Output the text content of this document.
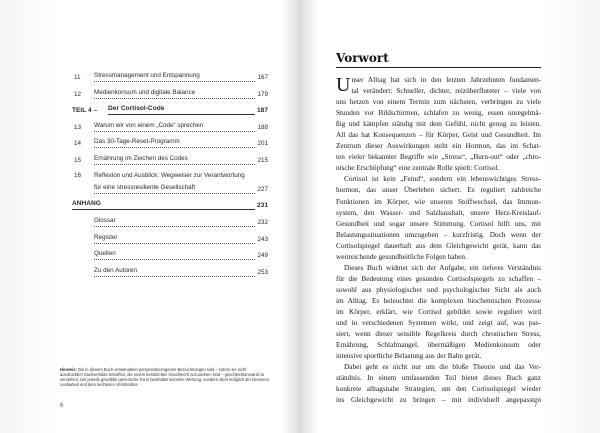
11	Stressmanagement und Entspannung	167
12	Medienkonsum und digitale Balance	179
TEIL 4 –	Der Cortisol-Code	187
13	Warum wir von einem „Code“ sprechen	188
14	Das 30-Tage-Reset-Programm	201
15	Ernährung im Zeichen des Codes	215
16	Reflexion und Ausblick: Wegweiser zur Verantwortung
für eine stressresiliente Gesellschaft	227
ANHANG	231
Glossar	232
Register	243
Quellen	249
Zu den Autoren	253
Hinweis: Die in diesem Buch verwendeten personenbezogenen Bezeichnungen sind – sofern sie nicht ausdrücklich Sachverhalte betreffen, die einem bestimmten Geschlecht zuzuordnen sind – geschlechtsneutral zu verstehen. Die jeweils gewählte generische Form beinhaltet keinerlei Wertung, sondern dient lediglich der besseren Lesbarkeit und dem leichteren Verständnis.
6
Vorwort
U nser Alltag hat sich in den letzten Jahrzehnten fundamen-
tal verändert: Schneller, dichter, reizüberfluteter – viele von
uns hetzen von einem Termin zum nächsten, verbringen zu viele
Stunden vor Bildschirmen, schlafen zu wenig, essen unregelmä-
ßig und kämpfen ständig mit dem Gefühl, nicht genug zu leisten.
All das hat Konsequenzen – für Körper, Geist und Gesundheit. Im
Zentrum dieser Auswirkungen steht ein Hormon, das im Schat-
ten vieler bekannter Begriffe wie „Stress“, „Burn-out“ oder „chro-
nische Erschöpfung“ eine zentrale Rolle spielt: Cortisol.
Cortisol ist kein „Feind“, sondern ein lebenswichtiges Stress-
hormon, das unser Überleben sichert. Es reguliert zahlreiche
Funktionen im Körper, wie unseren Stoffwechsel, das Immun-
system, den Wasser- und Salzhaushalt, unsere Herz-Kreislauf-
Gesundheit und sogar unsere Stimmung. Cortisol hilft uns, mit
Belastungssituationen umzugehen – kurzfristig. Doch wenn der
Cortisolspiegel dauerhaft aus dem Gleichgewicht gerät, kann das
weitreichende gesundheitliche Folgen haben.
Dieses Buch widmet sich der Aufgabe, ein tieferes Verständnis
für die Bedeutung eines gesunden Cortisolspiegels zu schaffen –
sowohl aus physiologischer und psychologischer Sicht als auch
im Alltag. Es beleuchtet die komplexen biochemischen Prozesse
im Körper, erklärt, wie Cortisol gebildet sowie reguliert wird
und in verschiedenen Systemen wirkt, und zeigt auf, was pas-
siert, wenn dieser sensible Regelkreis durch chronischen Stress,
Ernährung, Schlafmangel, übermäßigen Medienkonsum oder
intensive sportliche Belastung aus der Bahn gerät.
Dabei geht es nicht nur um die bloße Theorie und das Ver-
ständnis. In einem umfassenden Teil bietet dieses Buch ganz
konkrete alltagsnahe Strategien, um den Cortisolspiegel wieder
ins Gleichgewicht zu bringen – mit individuell angepassten
7
